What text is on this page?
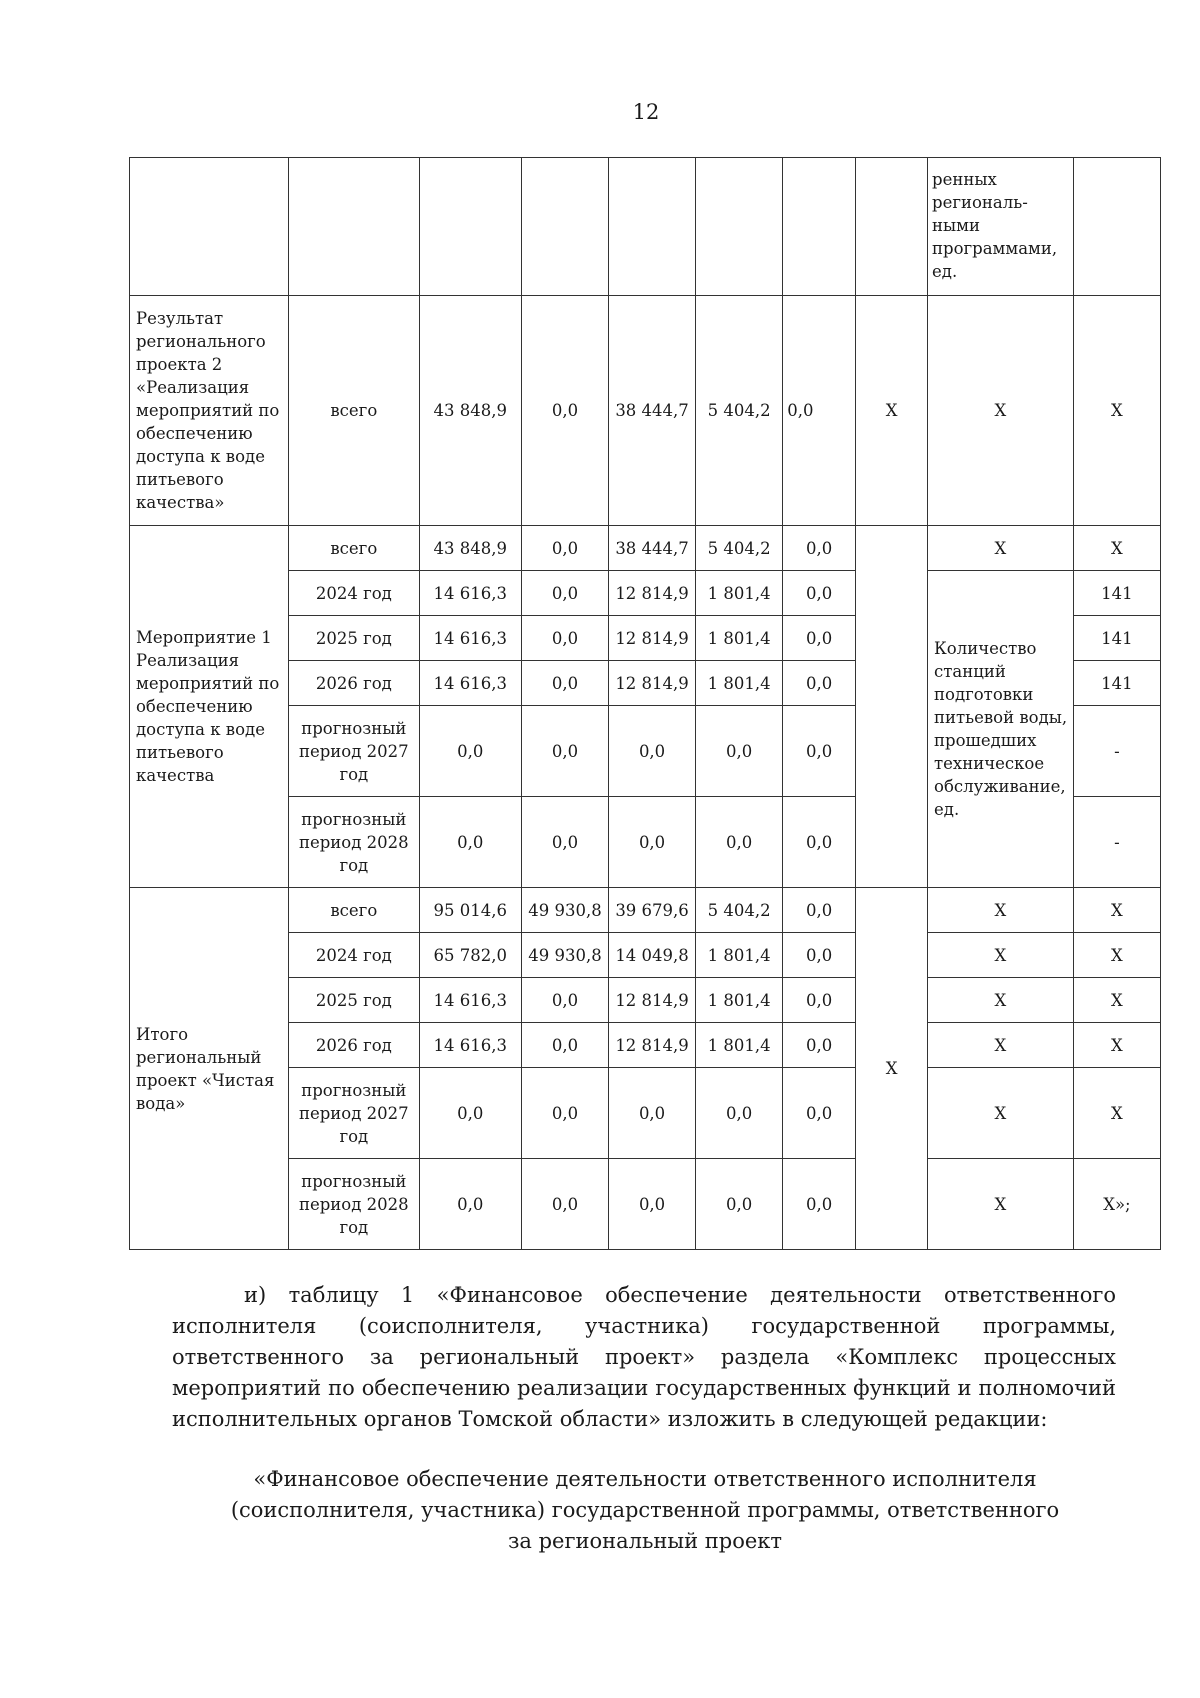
12
								ренных региональ-ными программами, ед.	
Результат регионального проекта 2 «Реализация мероприятий по обеспечению доступа к воде питьевого качества»	всего	43 848,9	0,0	38 444,7	5 404,2	0,0	X	X	X
Мероприятие 1 Реализация мероприятий по обеспечению доступа к воде питьевого качества	всего	43 848,9	0,0	38 444,7	5 404,2	0,0		X	X
	2024 год	14 616,3	0,0	12 814,9	1 801,4	0,0		Количество станций подготовки питьевой воды, прошедших техническое обслуживание, ед.	141
	2025 год	14 616,3	0,0	12 814,9	1 801,4	0,0			141
	2026 год	14 616,3	0,0	12 814,9	1 801,4	0,0			141
	прогнозный период 2027 год	0,0	0,0	0,0	0,0	0,0			-
	прогнозный период 2028 год	0,0	0,0	0,0	0,0	0,0			-
Итого региональный проект «Чистая вода»	всего	95 014,6	49 930,8	39 679,6	5 404,2	0,0	X	X	X
	2024 год	65 782,0	49 930,8	14 049,8	1 801,4	0,0		X	X
	2025 год	14 616,3	0,0	12 814,9	1 801,4	0,0		X	X
	2026 год	14 616,3	0,0	12 814,9	1 801,4	0,0		X	X
	прогнозный период 2027 год	0,0	0,0	0,0	0,0	0,0		X	X
	прогнозный период 2028 год	0,0	0,0	0,0	0,0	0,0		X	X»;

и) таблицу 1 «Финансовое обеспечение деятельности ответственного исполнителя (соисполнителя, участника) государственной программы, ответственного за региональный проект» раздела «Комплекс процессных мероприятий по обеспечению реализации государственных функций и полномочий исполнительных органов Томской области» изложить в следующей редакции:

«Финансовое обеспечение деятельности ответственного исполнителя
(соисполнителя, участника) государственной программы, ответственного
за региональный проект
